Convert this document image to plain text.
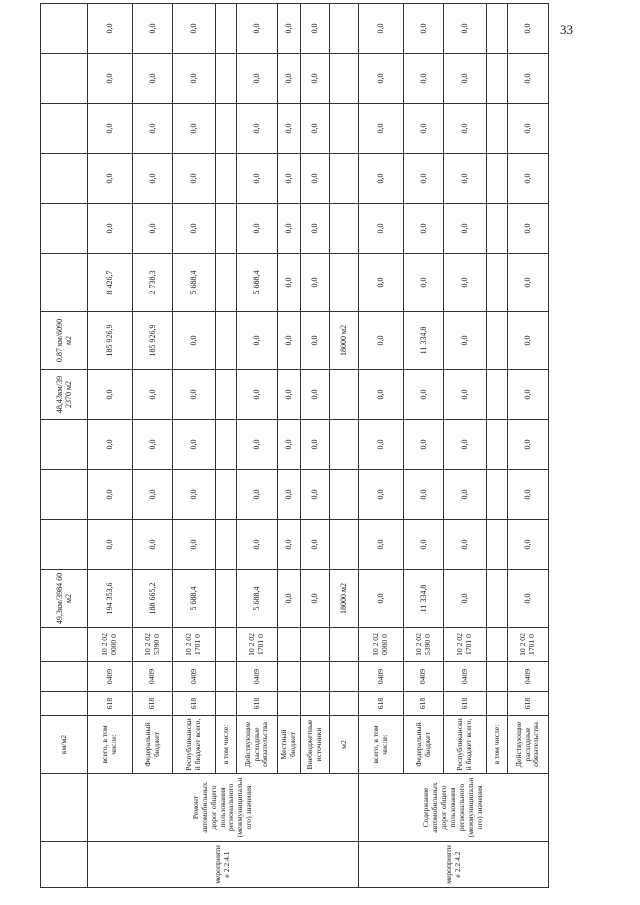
33
		км/м2				49,3км/3984 60 м2				48,43км/39 2370 м2	0,87 км/6090 м2						
мероприятие 2.2.4.1	Ремонт автомобильных дорог общего пользования регионального (межмуниципального) значения	всего, в том числе:	618	0409	10 2 02 0000 0	194 353,6	0,0	0,0	0,0	0,0	185 926,9	8 426,7	0,0	0,0	0,0	0,0	0,0
		Федеральный бюджет	618	0409	10 2 02 5390 0	188 665,2	0,0	0,0	0,0	0,0	185 926,9	2 738,3	0,0	0,0	0,0	0,0	0,0
		Республиканский бюджет всего,	618	0409	10 2 02 1701 0	5 688,4	0,0	0,0	0,0	0,0	0,0	5 688,4	0,0	0,0	0,0	0,0	0,0
		в том числе:															
		Действующие расходные обязательства	618	0409	10 2 02 1701 0	5 688,4	0,0	0,0	0,0	0,0	0,0	5 688,4	0,0	0,0	0,0	0,0	0,0
		Местный бюджет				0,0	0,0	0,0	0,0	0,0	0,0	0,0	0,0	0,0	0,0	0,0	0,0
		Внебюджетные источники				0,0	0,0	0,0	0,0	0,0	0,0	0,0	0,0	0,0	0,0	0,0	0,0
		м2				18000 м2					18000 м2						
мероприятие 2.2.4.2	Содержание автомобильных дорог общего пользования регионального (межмуниципального) значения	всего, в том числе:	618	0409	10 2 02 0000 0	0,0	0,0	0,0	0,0	0,0	0,0	0,0	0,0	0,0	0,0	0,0	0,0
		Федеральный бюджет	618	0409	10 2 02 5390 0	11 334,8	0,0	0,0	0,0	0,0	11 334,8	0,0	0,0	0,0	0,0	0,0	0,0
		Республиканский бюджет всего,	618	0409	10 2 02 1701 0	0,0	0,0	0,0	0,0	0,0	0,0	0,0	0,0	0,0	0,0	0,0	0,0
		в том числе:															
		Действующие расходные обязательства	618	0409	10 2 02 1701 0	0,0	0,0	0,0	0,0	0,0	0,0	0,0	0,0	0,0	0,0	0,0	0,0
